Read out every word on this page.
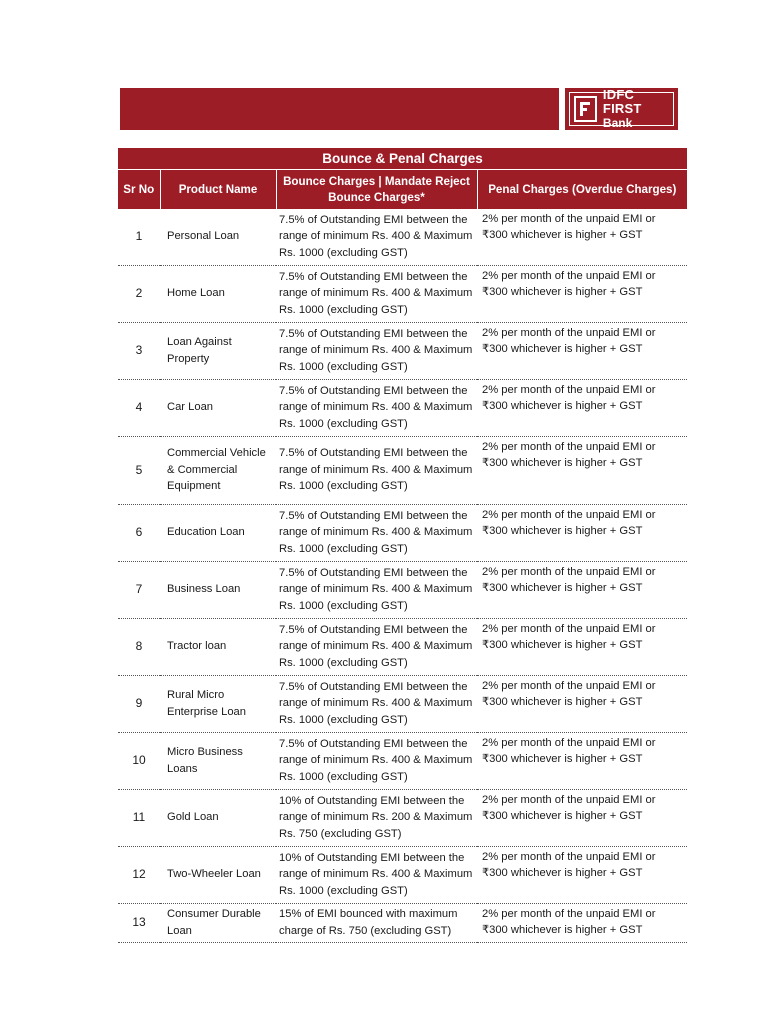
IDFC FIRST
Bank
Bounce & Penal Charges			
Sr No	Product Name	Bounce Charges | Mandate Reject Bounce Charges*	Penal Charges (Overdue Charges)
1	Personal Loan	7.5% of Outstanding EMI between the range of minimum Rs. 400 & Maximum Rs. 1000 (excluding GST)	2% per month of the unpaid EMI or ₹300 whichever is higher + GST
2	Home Loan	7.5% of Outstanding EMI between the range of minimum Rs. 400 & Maximum Rs. 1000 (excluding GST)	2% per month of the unpaid EMI or ₹300 whichever is higher + GST
3	Loan Against Property	7.5% of Outstanding EMI between the range of minimum Rs. 400 & Maximum Rs. 1000 (excluding GST)	2% per month of the unpaid EMI or ₹300 whichever is higher + GST
4	Car Loan	7.5% of Outstanding EMI between the range of minimum Rs. 400 & Maximum Rs. 1000 (excluding GST)	2% per month of the unpaid EMI or ₹300 whichever is higher + GST
5	Commercial Vehicle & Commercial Equipment	7.5% of Outstanding EMI between the range of minimum Rs. 400 & Maximum Rs. 1000 (excluding GST)	2% per month of the unpaid EMI or ₹300 whichever is higher + GST
6	Education Loan	7.5% of Outstanding EMI between the range of minimum Rs. 400 & Maximum Rs. 1000 (excluding GST)	2% per month of the unpaid EMI or ₹300 whichever is higher + GST
7	Business Loan	7.5% of Outstanding EMI between the range of minimum Rs. 400 & Maximum Rs. 1000 (excluding GST)	2% per month of the unpaid EMI or ₹300 whichever is higher + GST
8	Tractor loan	7.5% of Outstanding EMI between the range of minimum Rs. 400 & Maximum Rs. 1000 (excluding GST)	2% per month of the unpaid EMI or ₹300 whichever is higher + GST
9	Rural Micro Enterprise Loan	7.5% of Outstanding EMI between the range of minimum Rs. 400 & Maximum Rs. 1000 (excluding GST)	2% per month of the unpaid EMI or ₹300 whichever is higher + GST
10	Micro Business Loans	7.5% of Outstanding EMI between the range of minimum Rs. 400 & Maximum Rs. 1000 (excluding GST)	2% per month of the unpaid EMI or ₹300 whichever is higher + GST
11	Gold Loan	10% of Outstanding EMI between the range of minimum Rs. 200 & Maximum Rs. 750 (excluding GST)	2% per month of the unpaid EMI or ₹300 whichever is higher + GST
12	Two-Wheeler Loan	10% of Outstanding EMI between the range of minimum Rs. 400 & Maximum Rs. 1000 (excluding GST)	2% per month of the unpaid EMI or ₹300 whichever is higher + GST
13	Consumer Durable Loan	15% of EMI bounced with maximum charge of Rs. 750 (excluding GST)	2% per month of the unpaid EMI or ₹300 whichever is higher + GST
